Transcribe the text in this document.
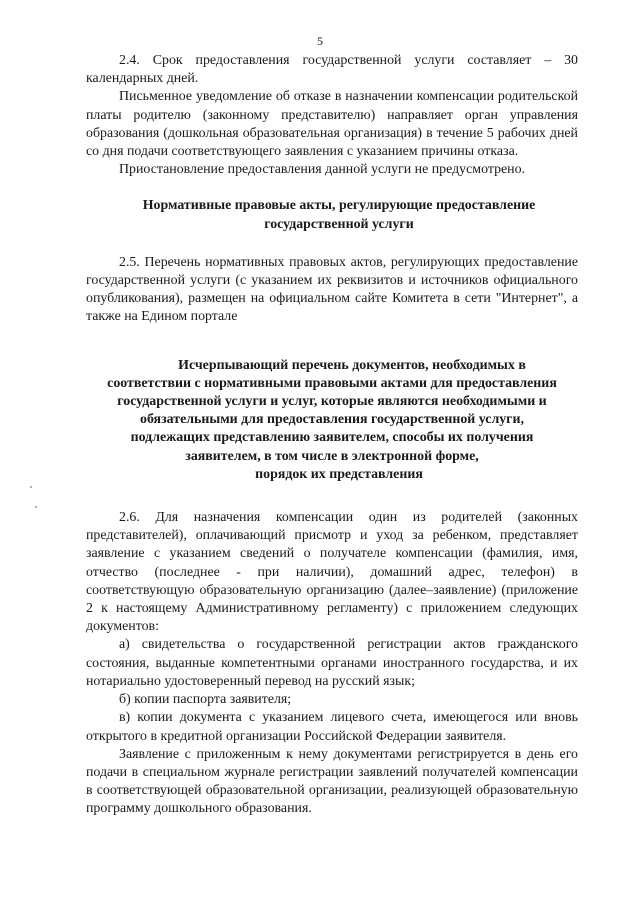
5

2.4. Срок предоставления государственной услуги составляет – 30 календарных дней.

Письменное уведомление об отказе в назначении компенсации родительской платы родителю (законному представителю) направляет орган управления образования (дошкольная образовательная организация) в течение 5 рабочих дней со дня подачи соответствующего заявления с указанием причины отказа.

Приостановление предоставления данной услуги не предусмотрено.

Нормативные правовые акты, регулирующие предоставление
государственной услуги

2.5. Перечень нормативных правовых актов, регулирующих предоставление государственной услуги (с указанием их реквизитов и источников официального опубликования), размещен на официальном сайте Комитета в сети "Интернет", а также на Едином портале

Исчерпывающий перечень документов, необходимых в
соответствии с нормативными правовыми актами для предоставления
государственной услуги и услуг, которые являются необходимыми и
обязательными для предоставления государственной услуги,
подлежащих представлению заявителем, способы их получения
заявителем, в том числе в электронной форме,
порядок их представления

2.6. Для назначения компенсации один из родителей (законных представителей), оплачивающий присмотр и уход за ребенком, представляет заявление с указанием сведений о получателе компенсации (фамилия, имя, отчество (последнее - при наличии), домашний адрес, телефон) в соответствующую образовательную организацию (далее–заявление) (приложение 2 к настоящему Административному регламенту) с приложением следующих документов:

а) свидетельства о государственной регистрации актов гражданского состояния, выданные компетентными органами иностранного государства, и их нотариально удостоверенный перевод на русский язык;

б) копии паспорта заявителя;

в) копии документа с указанием лицевого счета, имеющегося или вновь открытого в кредитной организации Российской Федерации заявителя.

Заявление с приложенным к нему документами регистрируется в день его подачи в специальном журнале регистрации заявлений получателей компенсации в соответствующей образовательной организации, реализующей образовательную программу дошкольного образования.
